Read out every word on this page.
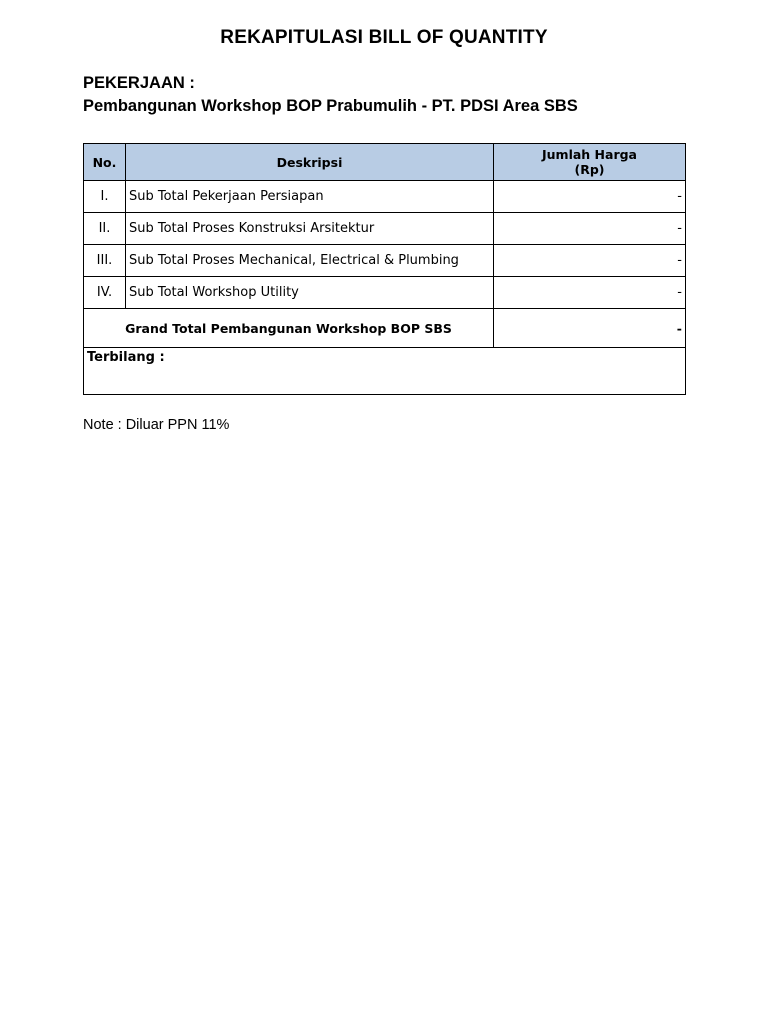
REKAPITULASI BILL OF QUANTITY
PEKERJAAN :
Pembangunan Workshop BOP Prabumulih - PT. PDSI Area SBS
No.	Deskripsi	Jumlah Harga
(Rp)

I.	Sub Total Pekerjaan Persiapan	-
II.	Sub Total Proses Konstruksi Arsitektur	-
III.	Sub Total Proses Mechanical, Electrical & Plumbing	-
IV.	Sub Total Workshop Utility	-
Grand Total Pembangunan Workshop BOP SBS		-
Terbilang :		
Note : Diluar PPN 11%
